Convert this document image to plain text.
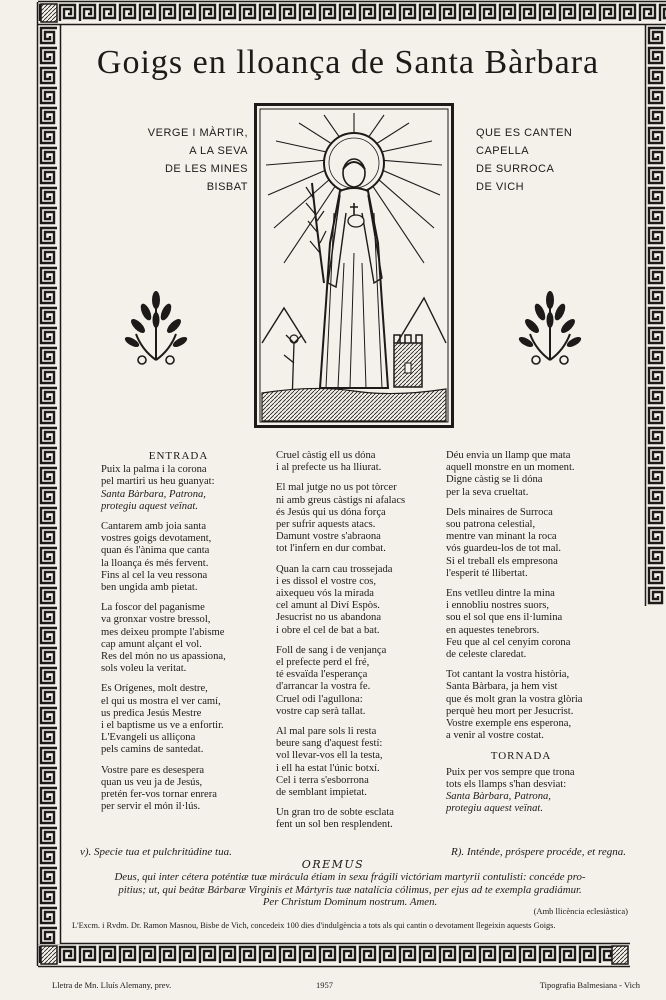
Goigs en lloança de Santa Bàrbara
VERGE I MÀRTIR,
A LA SEVA
DE LES MINES
BISBAT
QUE ES CANTEN
CAPELLA
DE SURROCA
DE VICH
ENTRADA
Puix la palma i la corona
pel martiri us heu guanyat:
Santa Bàrbara, Patrona,
protegiu aquest veïnat.
Cantarem amb joia santa
vostres goigs devotament,
quan és l'ànima que canta
la lloança és més fervent.
Fins al cel la veu ressona
ben ungida amb pietat.
La foscor del paganisme
va gronxar vostre bressol,
mes deixeu prompte l'abisme
cap amunt alçant el vol.
Res del món no us apassiona,
sols voleu la veritat.
Es Orígenes, molt destre,
el qui us mostra el ver camí,
us predica Jesús Mestre
i el baptisme us ve a enfortir.
L'Evangeli us alliçona
pels camins de santedat.
Vostre pare es desespera
quan us veu ja de Jesús,
pretén fer-vos tornar enrera
per servir el món il·lús.
Cruel càstig ell us dóna
i al prefecte us ha lliurat.
El mal jutge no us pot tòrcer
ni amb greus càstigs ni afalacs
és Jesús qui us dóna força
per sufrir aquests atacs.
Damunt vostre s'abraona
tot l'infern en dur combat.
Quan la carn cau trossejada
i es dissol el vostre cos,
aixequeu vós la mirada
cel amunt al Diví Espòs.
Jesucrist no us abandona
i obre el cel de bat a bat.
Foll de sang i de venjança
el prefecte perd el fré,
té esvaïda l'esperança
d'arrancar la vostra fe.
Cruel odi l'agullona:
vostre cap serà tallat.
Al mal pare sols li resta
beure sang d'aquest festí:
vol llevar-vos ell la testa,
i ell ha estat l'únic botxí.
Cel i terra s'esborrona
de semblant impietat.
Un gran tro de sobte esclata
fent un sol ben resplendent.
Déu envia un llamp que mata
aquell monstre en un moment.
Digne càstig se li dóna
per la seva crueltat.
Dels minaires de Surroca
sou patrona celestial,
mentre van minant la roca
vós guardeu-los de tot mal.
Si el treball els empresona
l'esperit té llibertat.
Ens vetlleu dintre la mina
i ennobliu nostres suors,
sou el sol que ens il·lumina
en aquestes tenebrors.
Feu que al cel cenyim corona
de celeste claredat.
Tot cantant la vostra història,
Santa Bàrbara, ja hem vist
que és molt gran la vostra glòria
perquè heu mort per Jesucrist.
Vostre exemple ens esperona,
a venir al vostre costat.
TORNADA
Puix per vos sempre que trona
tots els llamps s'han desviat:
Santa Bàrbara, Patrona,
protegiu aquest veïnat.
v). Specie tua et pulchritúdine tua.	R). Inténde, próspere procéde, et regna.
OREMUS
Deus, qui inter cétera poténtiæ tuæ mirácula étiam in sexu frágili victóriam martyrii contulisti: concéde pro-
pitius; ut, qui beátæ Bárbaræ Virginis et Mártyris tuæ natalícia cólimus, per ejus ad te exempla gradiámur.
Per Christum Dominum nostrum. Amen.
(Amb llicència eclesiàstica)
L'Excm. i Rvdm. Dr. Ramon Masnou, Bisbe de Vich, concedeix 100 dies d'indulgència a tots als qui cantin o devotament llegeixin aquests Goigs.
Lletra de Mn. Lluís Alemany, prev.	1957	Tipografia Balmesiana - Vich
